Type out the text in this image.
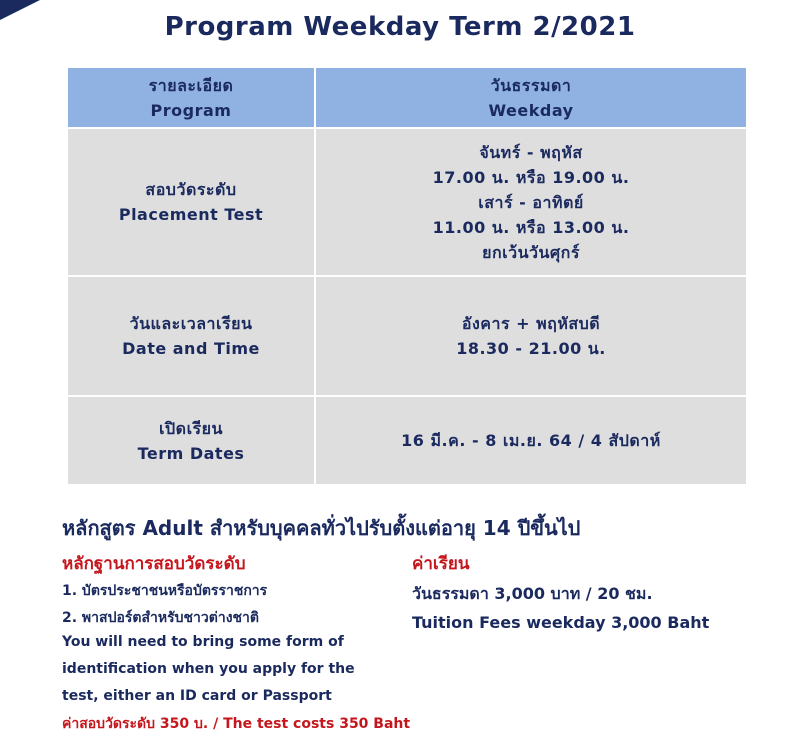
Program Weekday Term 2/2021
รายละเอียด
Program
วันธรรมดา
Weekday
สอบวัดระดับ
Placement Test
จันทร์ - พฤหัส
17.00 น. หรือ 19.00 น.
เสาร์ - อาทิตย์
11.00 น. หรือ 13.00 น.
ยกเว้นวันศุกร์
วันและเวลาเรียน
Date and Time
อังคาร + พฤหัสบดี
18.30 - 21.00 น.
เปิดเรียน
Term Dates
16 มี.ค. - 8 เม.ย. 64 / 4 สัปดาห์
หลักสูตร Adult สำหรับบุคคลทั่วไปรับตั้งแต่อายุ 14 ปีขึ้นไป
หลักฐานการสอบวัดระดับ
1. บัตรประชาชนหรือบัตรราชการ
2. พาสปอร์ตสำหรับชาวต่างชาติ
You will need to bring some form of
identification when you apply for the
test, either an ID card or Passport
ค่าสอบวัดระดับ 350 บ. / The test costs 350 Baht
ค่าเรียน
วันธรรมดา 3,000 บาท / 20 ชม.
Tuition Fees weekday 3,000 Baht
